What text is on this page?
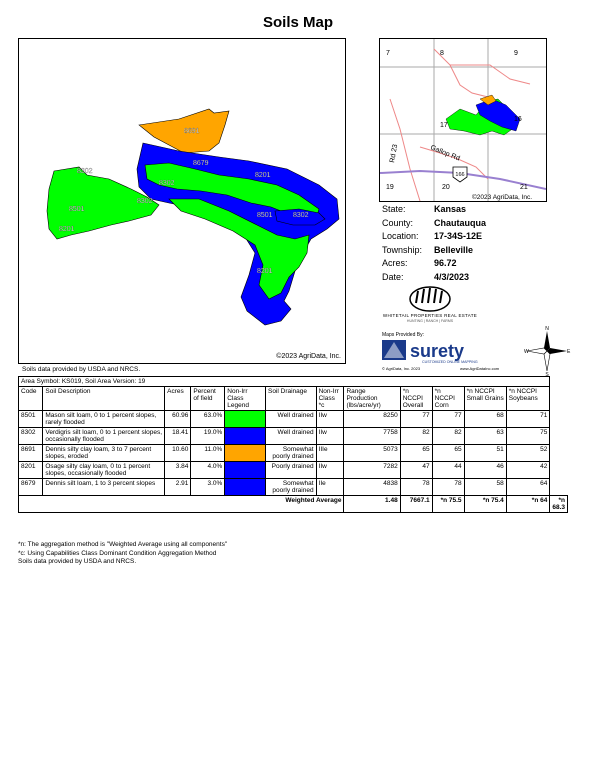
Soils Map
8691
8302
8679
8201
8501
8302
8201
8501
8302
8302
8201
©2023 AgriData, Inc.
Soils data provided by USDA and NRCS.
7	8	9
17
16
19	20	21
Rd 23	Gallop Rd
©2023 AgriData, Inc.
166
State:	Kansas
County:	Chautauqua
Location:	17-34S-12E
Township:	Belleville
Acres:	96.72
Date:	4/3/2023
WHITETAIL PROPERTIES REAL ESTATE
HUNTING | RANCH | FARMS
Maps Provided By:
surety
CUSTOMIZED ONLINE MAPPING
© AgriData, Inc. 2023	www.AgriDataInc.com
N
S
W	E
Area Symbol: KS019, Soil Area Version: 19												
Code	Soil Description	Acres	Percent of field	Non-Irr Class Legend	Soil Drainage	Non-Irr Class *c	Range Production (lbs/acre/yr)	*n NCCPI Overall	*n NCCPI Corn	*n NCCPI Small Grains	*n NCCPI Soybeans	
8501	Mason silt loam, 0 to 1 percent slopes, rarely flooded	60.96	63.0%		Well drained	IIw	8250	77	77	68	71	
8302	Verdigris silt loam, 0 to 1 percent slopes, occasionally flooded	18.41	19.0%		Well drained	IIw	7758	82	82	63	75	
8691	Dennis silty clay loam, 3 to 7 percent slopes, eroded	10.60	11.0%		Somewhat poorly drained	IIIe	5073	65	65	51	52	
8201	Osage silty clay loam, 0 to 1 percent slopes, occasionally flooded	3.84	4.0%		Poorly drained	IIw	7282	47	44	46	42	
8679	Dennis silt loam, 1 to 3 percent slopes	2.91	3.0%		Somewhat poorly drained	IIe	4838	78	78	58	64	
Weighted Average							1.48	7667.1	*n 75.5	*n 75.4	*n 64	*n 68.3
*n: The aggregation method is "Weighted Average using all components"
*c: Using Capabilities Class Dominant Condition Aggregation Method
Soils data provided by USDA and NRCS.
